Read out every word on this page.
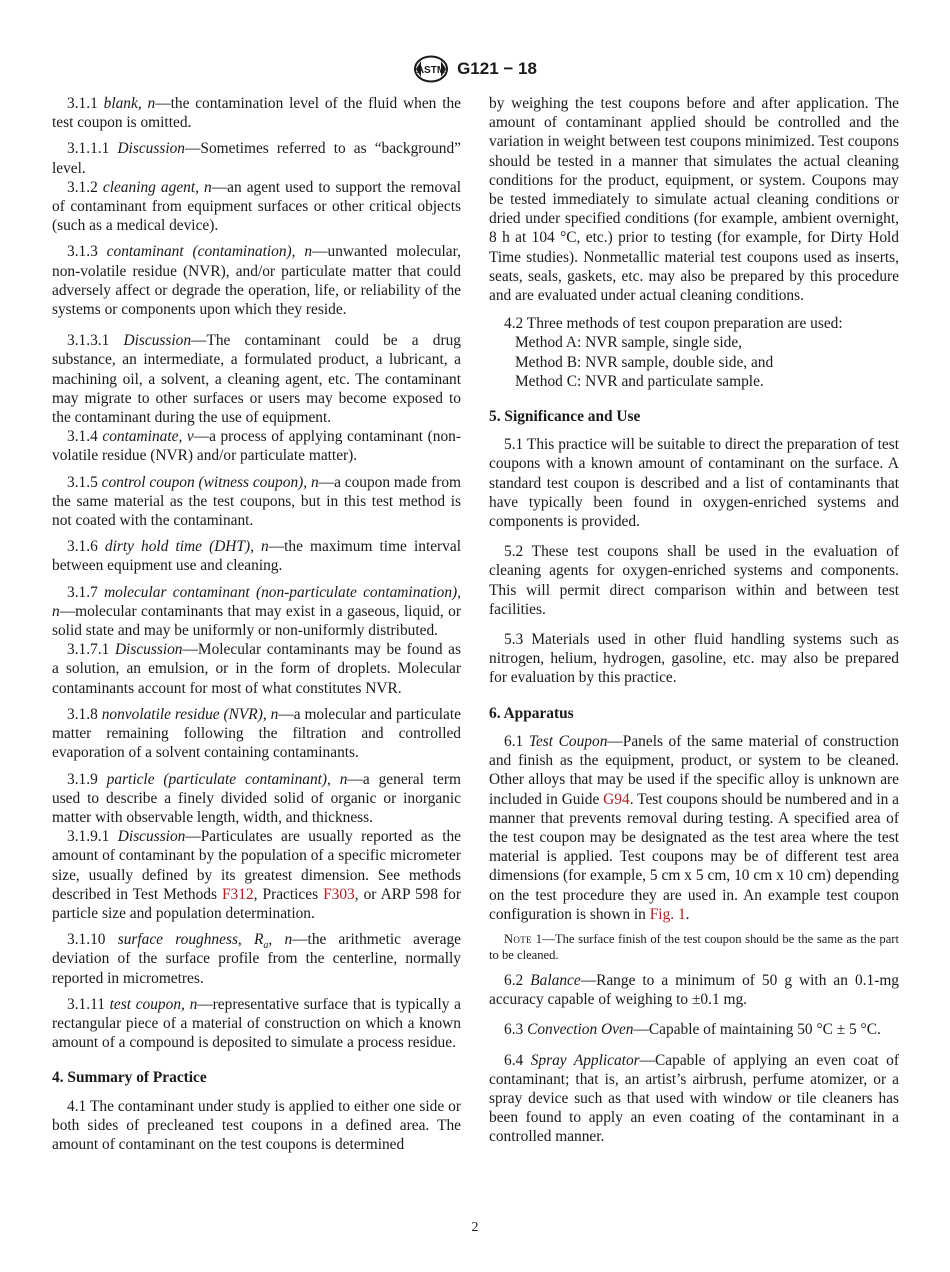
ASTM G121 − 18

3.1.1 blank, n—the contamination level of the fluid when the test coupon is omitted.

3.1.1.1 Discussion—Sometimes referred to as “background” level.

3.1.2 cleaning agent, n—an agent used to support the removal of contaminant from equipment surfaces or other critical objects (such as a medical device).

3.1.3 contaminant (contamination), n—unwanted molecular, non-volatile residue (NVR), and/or particulate matter that could adversely affect or degrade the operation, life, or reliability of the systems or components upon which they reside.

3.1.3.1 Discussion—The contaminant could be a drug substance, an intermediate, a formulated product, a lubricant, a machining oil, a solvent, a cleaning agent, etc. The contaminant may migrate to other surfaces or users may become exposed to the contaminant during the use of equipment.

3.1.4 contaminate, v—a process of applying contaminant (non-volatile residue (NVR) and/or particulate matter).

3.1.5 control coupon (witness coupon), n—a coupon made from the same material as the test coupons, but in this test method is not coated with the contaminant.

3.1.6 dirty hold time (DHT), n—the maximum time interval between equipment use and cleaning.

3.1.7 molecular contaminant (non-particulate contamination), n—molecular contaminants that may exist in a gaseous, liquid, or solid state and may be uniformly or non-uniformly distributed.

3.1.7.1 Discussion—Molecular contaminants may be found as a solution, an emulsion, or in the form of droplets. Molecular contaminants account for most of what constitutes NVR.

3.1.8 nonvolatile residue (NVR), n—a molecular and particulate matter remaining following the filtration and controlled evaporation of a solvent containing contaminants.

3.1.9 particle (particulate contaminant), n—a general term used to describe a finely divided solid of organic or inorganic matter with observable length, width, and thickness.

3.1.9.1 Discussion—Particulates are usually reported as the amount of contaminant by the population of a specific micrometer size, usually defined by its greatest dimension. See methods described in Test Methods F312, Practices F303, or ARP 598 for particle size and population determination.

3.1.10 surface roughness, $R_a$, n—the arithmetic average deviation of the surface profile from the centerline, normally reported in micrometres.

3.1.11 test coupon, n—representative surface that is typically a rectangular piece of a material of construction on which a known amount of a compound is deposited to simulate a process residue.

4. Summary of Practice

4.1 The contaminant under study is applied to either one side or both sides of precleaned test coupons in a defined area. The amount of contaminant on the test coupons is determined

by weighing the test coupons before and after application. The amount of contaminant applied should be controlled and the variation in weight between test coupons minimized. Test coupons should be tested in a manner that simulates the actual cleaning conditions for the product, equipment, or system. Coupons may be tested immediately to simulate actual cleaning conditions or dried under specified conditions (for example, ambient overnight, 8 h at 104 °C, etc.) prior to testing (for example, for Dirty Hold Time studies). Nonmetallic material test coupons used as inserts, seats, seals, gaskets, etc. may also be prepared by this procedure and are evaluated under actual cleaning conditions.

4.2 Three methods of test coupon preparation are used:

Method A: NVR sample, single side,

Method B: NVR sample, double side, and

Method C: NVR and particulate sample.

5. Significance and Use

5.1 This practice will be suitable to direct the preparation of test coupons with a known amount of contaminant on the surface. A standard test coupon is described and a list of contaminants that have typically been found in oxygen-enriched systems and components is provided.

5.2 These test coupons shall be used in the evaluation of cleaning agents for oxygen-enriched systems and components. This will permit direct comparison within and between test facilities.

5.3 Materials used in other fluid handling systems such as nitrogen, helium, hydrogen, gasoline, etc. may also be prepared for evaluation by this practice.

6. Apparatus

6.1 Test Coupon—Panels of the same material of construction and finish as the equipment, product, or system to be cleaned. Other alloys that may be used if the specific alloy is unknown are included in Guide G94. Test coupons should be numbered and in a manner that prevents removal during testing. A specified area of the test coupon may be designated as the test area where the test material is applied. Test coupons may be of different test area dimensions (for example, 5 cm x 5 cm, 10 cm x 10 cm) depending on the test procedure they are used in. An example test coupon configuration is shown in Fig. 1.

Note 1—The surface finish of the test coupon should be the same as the part to be cleaned.

6.2 Balance—Range to a minimum of 50 g with an 0.1-mg accuracy capable of weighing to ±0.1 mg.

6.3 Convection Oven—Capable of maintaining 50 °C ± 5 °C.

6.4 Spray Applicator—Capable of applying an even coat of contaminant; that is, an artist’s airbrush, perfume atomizer, or a spray device such as that used with window or tile cleaners has been found to apply an even coating of the contaminant in a controlled manner.

2
